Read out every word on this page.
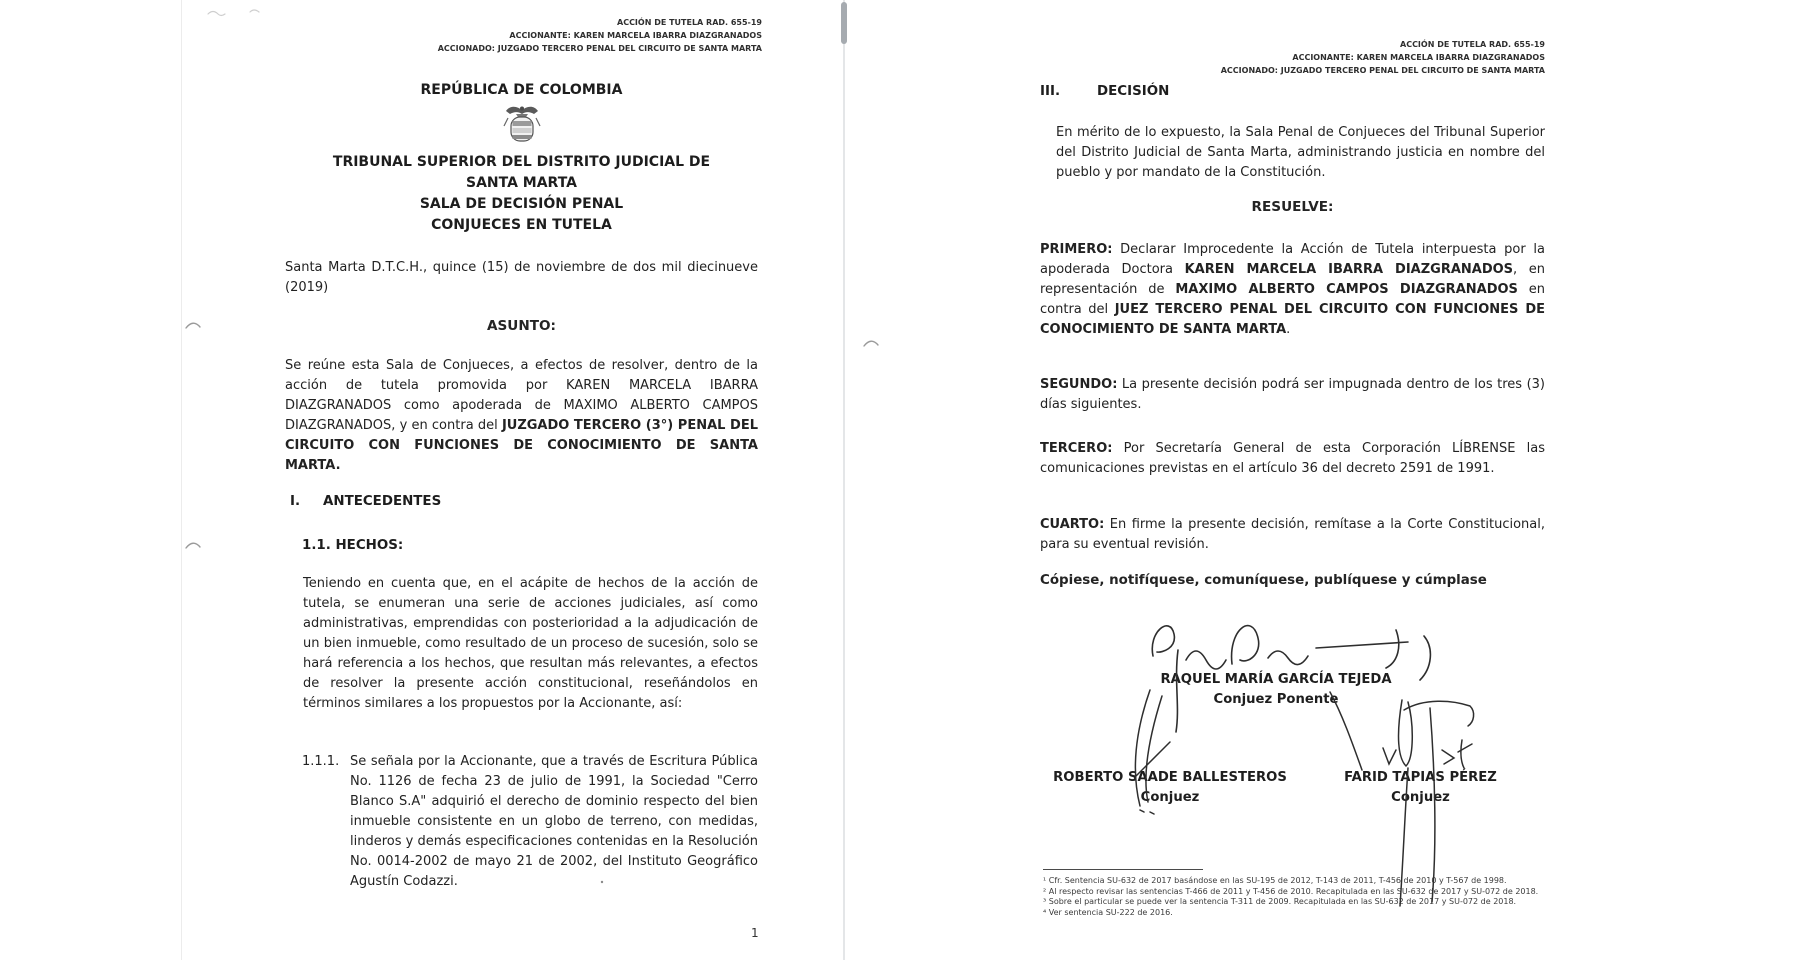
ACCIÓN DE TUTELA RAD. 655-19
ACCIONANTE: KAREN MARCELA IBARRA DIAZGRANADOS
ACCIONADO: JUZGADO TERCERO PENAL DEL CIRCUITO DE SANTA MARTA
REPÚBLICA DE COLOMBIA
TRIBUNAL SUPERIOR DEL DISTRITO JUDICIAL DE
SANTA MARTA
SALA DE DECISIÓN PENAL
CONJUECES EN TUTELA

Santa Marta D.T.C.H., quince (15) de noviembre de dos mil diecinueve (2019)

ASUNTO:

Se reúne esta Sala de Conjueces, a efectos de resolver, dentro de la acción de tutela promovida por KAREN MARCELA IBARRA DIAZGRANADOS como apoderada de MAXIMO ALBERTO CAMPOS DIAZGRANADOS, y en contra del JUZGADO TERCERO (3°) PENAL DEL CIRCUITO CON FUNCIONES DE CONOCIMIENTO DE SANTA MARTA.

I.	ANTECEDENTES
1.1. HECHOS:

Teniendo en cuenta que, en el acápite de hechos de la acción de tutela, se enumeran una serie de acciones judiciales, así como administrativas, emprendidas con posterioridad a la adjudicación de un bien inmueble, como resultado de un proceso de sucesión, solo se hará referencia a los hechos, que resultan más relevantes, a efectos de resolver la presente acción constitucional, reseñándolos en términos similares a los propuestos por la Accionante, así:

1.1.1. Se señala por la Accionante, que a través de Escritura Pública No. 1126 de fecha 23 de julio de 1991, la Sociedad "Cerro Blanco S.A" adquirió el derecho de dominio respecto del bien inmueble consistente en un globo de terreno, con medidas, linderos y demás especificaciones contenidas en la Resolución No. 0014-2002 de mayo 21 de 2002, del Instituto Geográfico Agustín Codazzi.

1
ACCIÓN DE TUTELA RAD. 655-19
ACCIONANTE: KAREN MARCELA IBARRA DIAZGRANADOS
ACCIONADO: JUZGADO TERCERO PENAL DEL CIRCUITO DE SANTA MARTA
III.	DECISIÓN

En mérito de lo expuesto, la Sala Penal de Conjueces del Tribunal Superior del Distrito Judicial de Santa Marta, administrando justicia en nombre del pueblo y por mandato de la Constitución.

RESUELVE:

PRIMERO: Declarar Improcedente la Acción de Tutela interpuesta por la apoderada Doctora KAREN MARCELA IBARRA DIAZGRANADOS, en representación de MAXIMO ALBERTO CAMPOS DIAZGRANADOS en contra del JUEZ TERCERO PENAL DEL CIRCUITO CON FUNCIONES DE CONOCIMIENTO DE SANTA MARTA.

SEGUNDO: La presente decisión podrá ser impugnada dentro de los tres (3) días siguientes.

TERCERO: Por Secretaría General de esta Corporación LÍBRENSE las comunicaciones previstas en el artículo 36 del decreto 2591 de 1991.

CUARTO: En firme la presente decisión, remítase a la Corte Constitucional, para su eventual revisión.

Cópiese, notifíquese, comuníquese, publíquese y cúmplase
RAQUEL MARÍA GARCÍA TEJEDA
Conjuez Ponente
ROBERTO SAADE BALLESTEROS
Conjuez
FARID TAPIAS PÉREZ
Conjuez
¹ Cfr. Sentencia SU-632 de 2017 basándose en las SU-195 de 2012, T-143 de 2011, T-456 de 2010 y T-567 de 1998.
² Al respecto revisar las sentencias T-466 de 2011 y T-456 de 2010. Recapitulada en las SU-632 de 2017 y SU-072 de 2018.
³ Sobre el particular se puede ver la sentencia T-311 de 2009. Recapitulada en las SU-632 de 2017 y SU-072 de 2018.
⁴ Ver sentencia SU-222 de 2016.
